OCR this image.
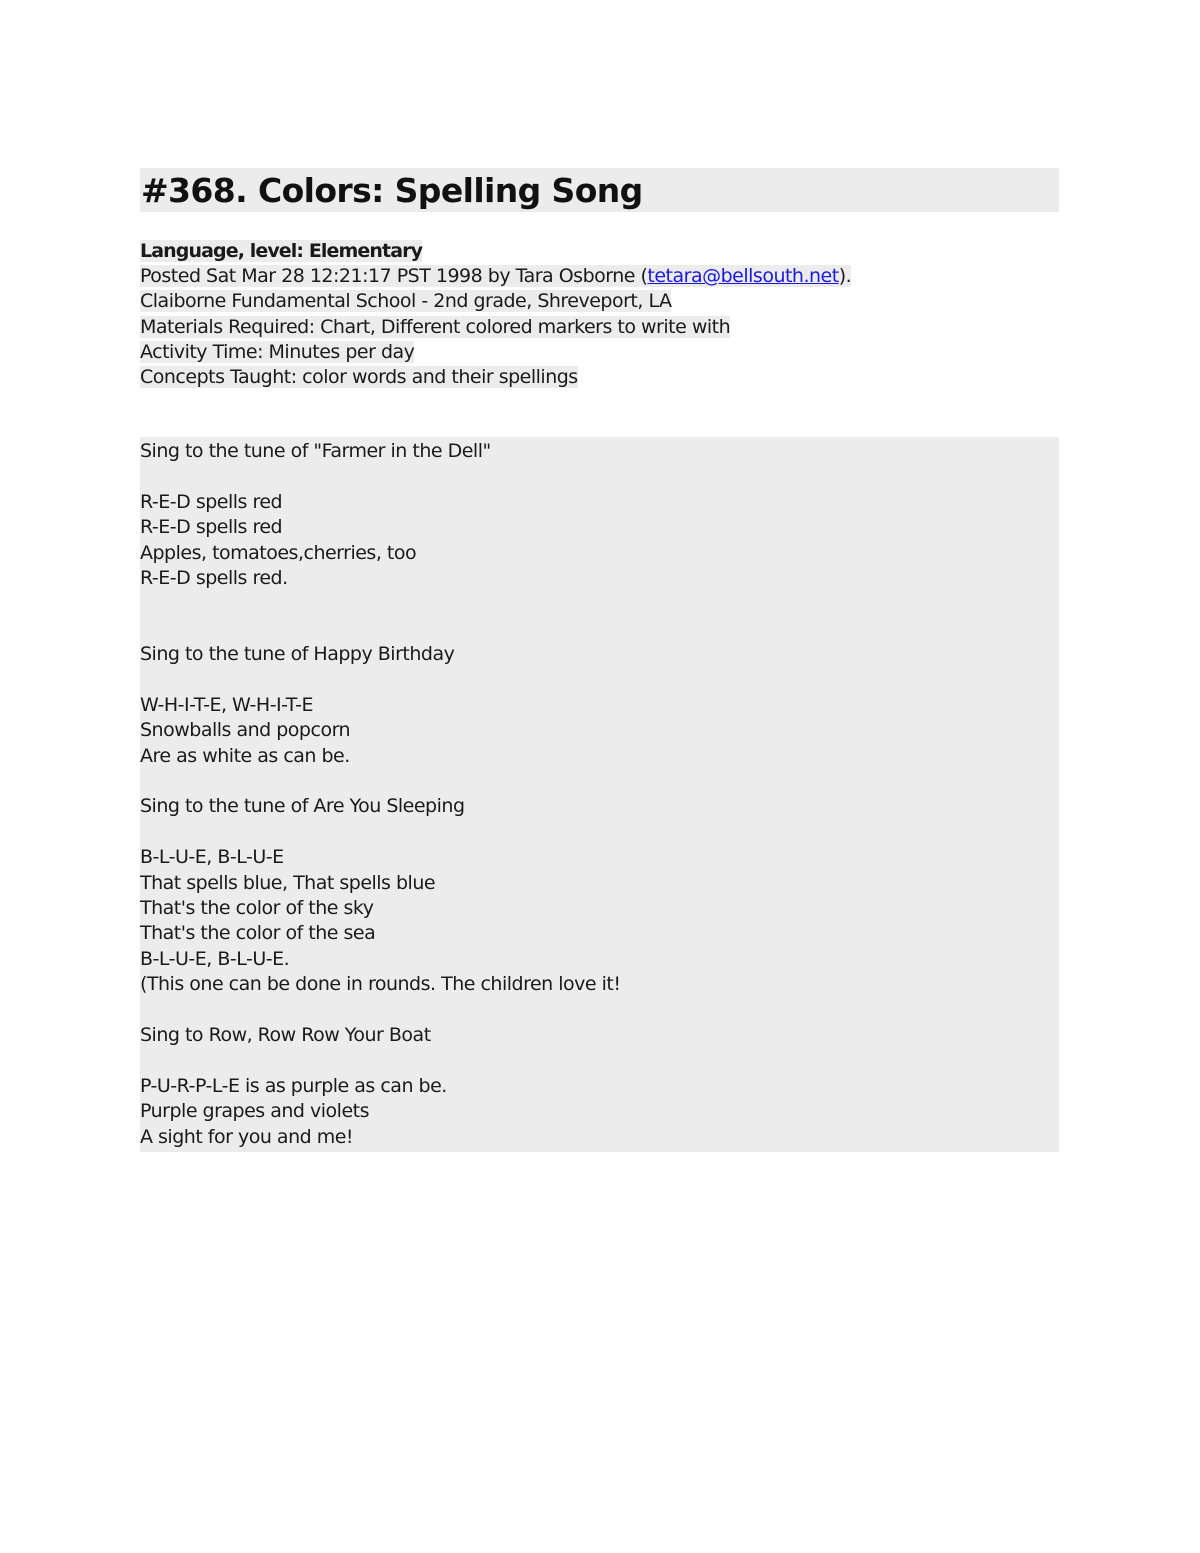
#368. Colors: Spelling Song
Language, level: Elementary
Posted Sat Mar 28 12:21:17 PST 1998 by Tara Osborne (tetara@bellsouth.net).
Claiborne Fundamental School - 2nd grade, Shreveport, LA
Materials Required: Chart, Different colored markers to write with
Activity Time: Minutes per day
Concepts Taught: color words and their spellings
Sing to the tune of "Farmer in the Dell"
R-E-D spells red
R-E-D spells red
Apples, tomatoes,cherries, too
R-E-D spells red.
Sing to the tune of Happy Birthday
W-H-I-T-E, W-H-I-T-E
Snowballs and popcorn
Are as white as can be.
Sing to the tune of Are You Sleeping
B-L-U-E, B-L-U-E
That spells blue, That spells blue
That's the color of the sky
That's the color of the sea
B-L-U-E, B-L-U-E.
(This one can be done in rounds. The children love it!
Sing to Row, Row Row Your Boat
P-U-R-P-L-E is as purple as can be.
Purple grapes and violets
A sight for you and me!
